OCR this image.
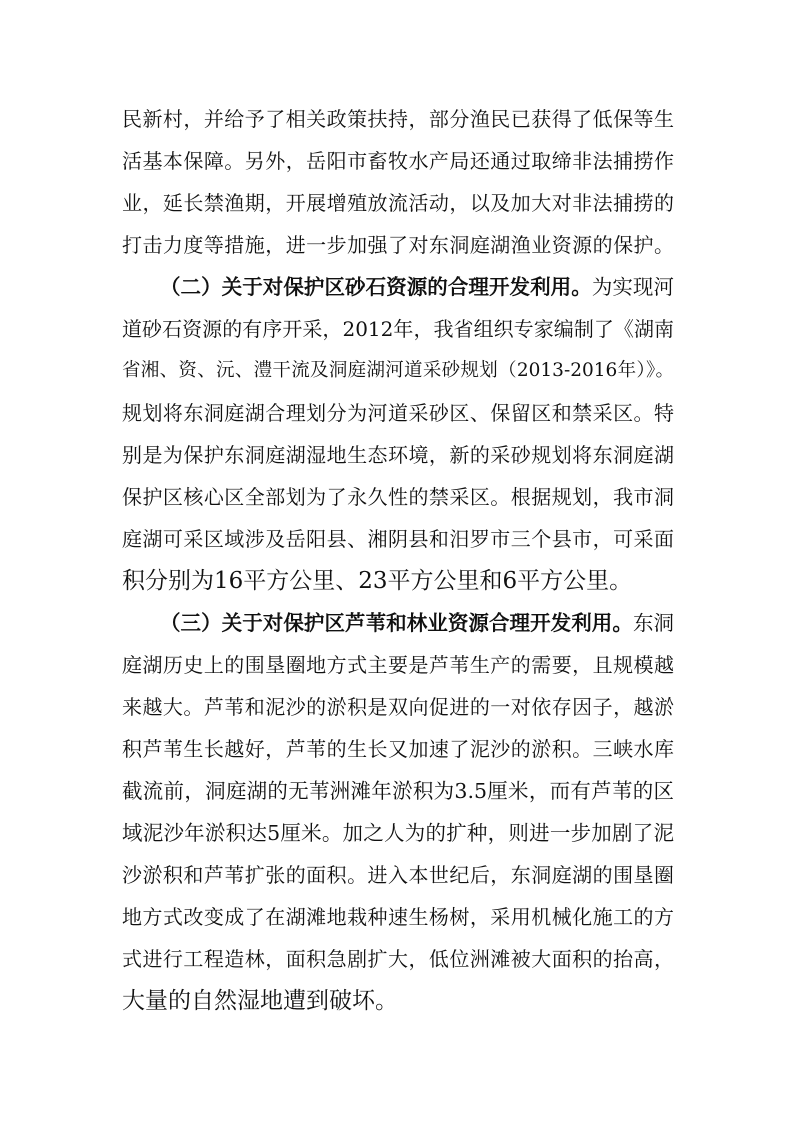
民新村，并给予了相关政策扶持，部分渔民已获得了低保等生
活基本保障。另外，岳阳市畜牧水产局还通过取缔非法捕捞作
业，延长禁渔期，开展增殖放流活动，以及加大对非法捕捞的
打击力度等措施，进一步加强了对东洞庭湖渔业资源的保护。
（二）关于对保护区砂石资源的合理开发利用。为实现河
道砂石资源的有序开采，2012年，我省组织专家编制了《湖南
省湘、资、沅、澧干流及洞庭湖河道采砂规划（2013-2016年）》。
规划将东洞庭湖合理划分为河道采砂区、保留区和禁采区。特
别是为保护东洞庭湖湿地生态环境，新的采砂规划将东洞庭湖
保护区核心区全部划为了永久性的禁采区。根据规划，我市洞
庭湖可采区域涉及岳阳县、湘阴县和汨罗市三个县市，可采面
积分别为16平方公里、23平方公里和6平方公里。
（三）关于对保护区芦苇和林业资源合理开发利用。东洞
庭湖历史上的围垦圈地方式主要是芦苇生产的需要，且规模越
来越大。芦苇和泥沙的淤积是双向促进的一对依存因子，越淤
积芦苇生长越好，芦苇的生长又加速了泥沙的淤积。三峡水库
截流前，洞庭湖的无苇洲滩年淤积为3.5厘米，而有芦苇的区
域泥沙年淤积达5厘米。加之人为的扩种，则进一步加剧了泥
沙淤积和芦苇扩张的面积。进入本世纪后，东洞庭湖的围垦圈
地方式改变成了在湖滩地栽种速生杨树，采用机械化施工的方
式进行工程造林，面积急剧扩大，低位洲滩被大面积的抬高，
大量的自然湿地遭到破坏。
